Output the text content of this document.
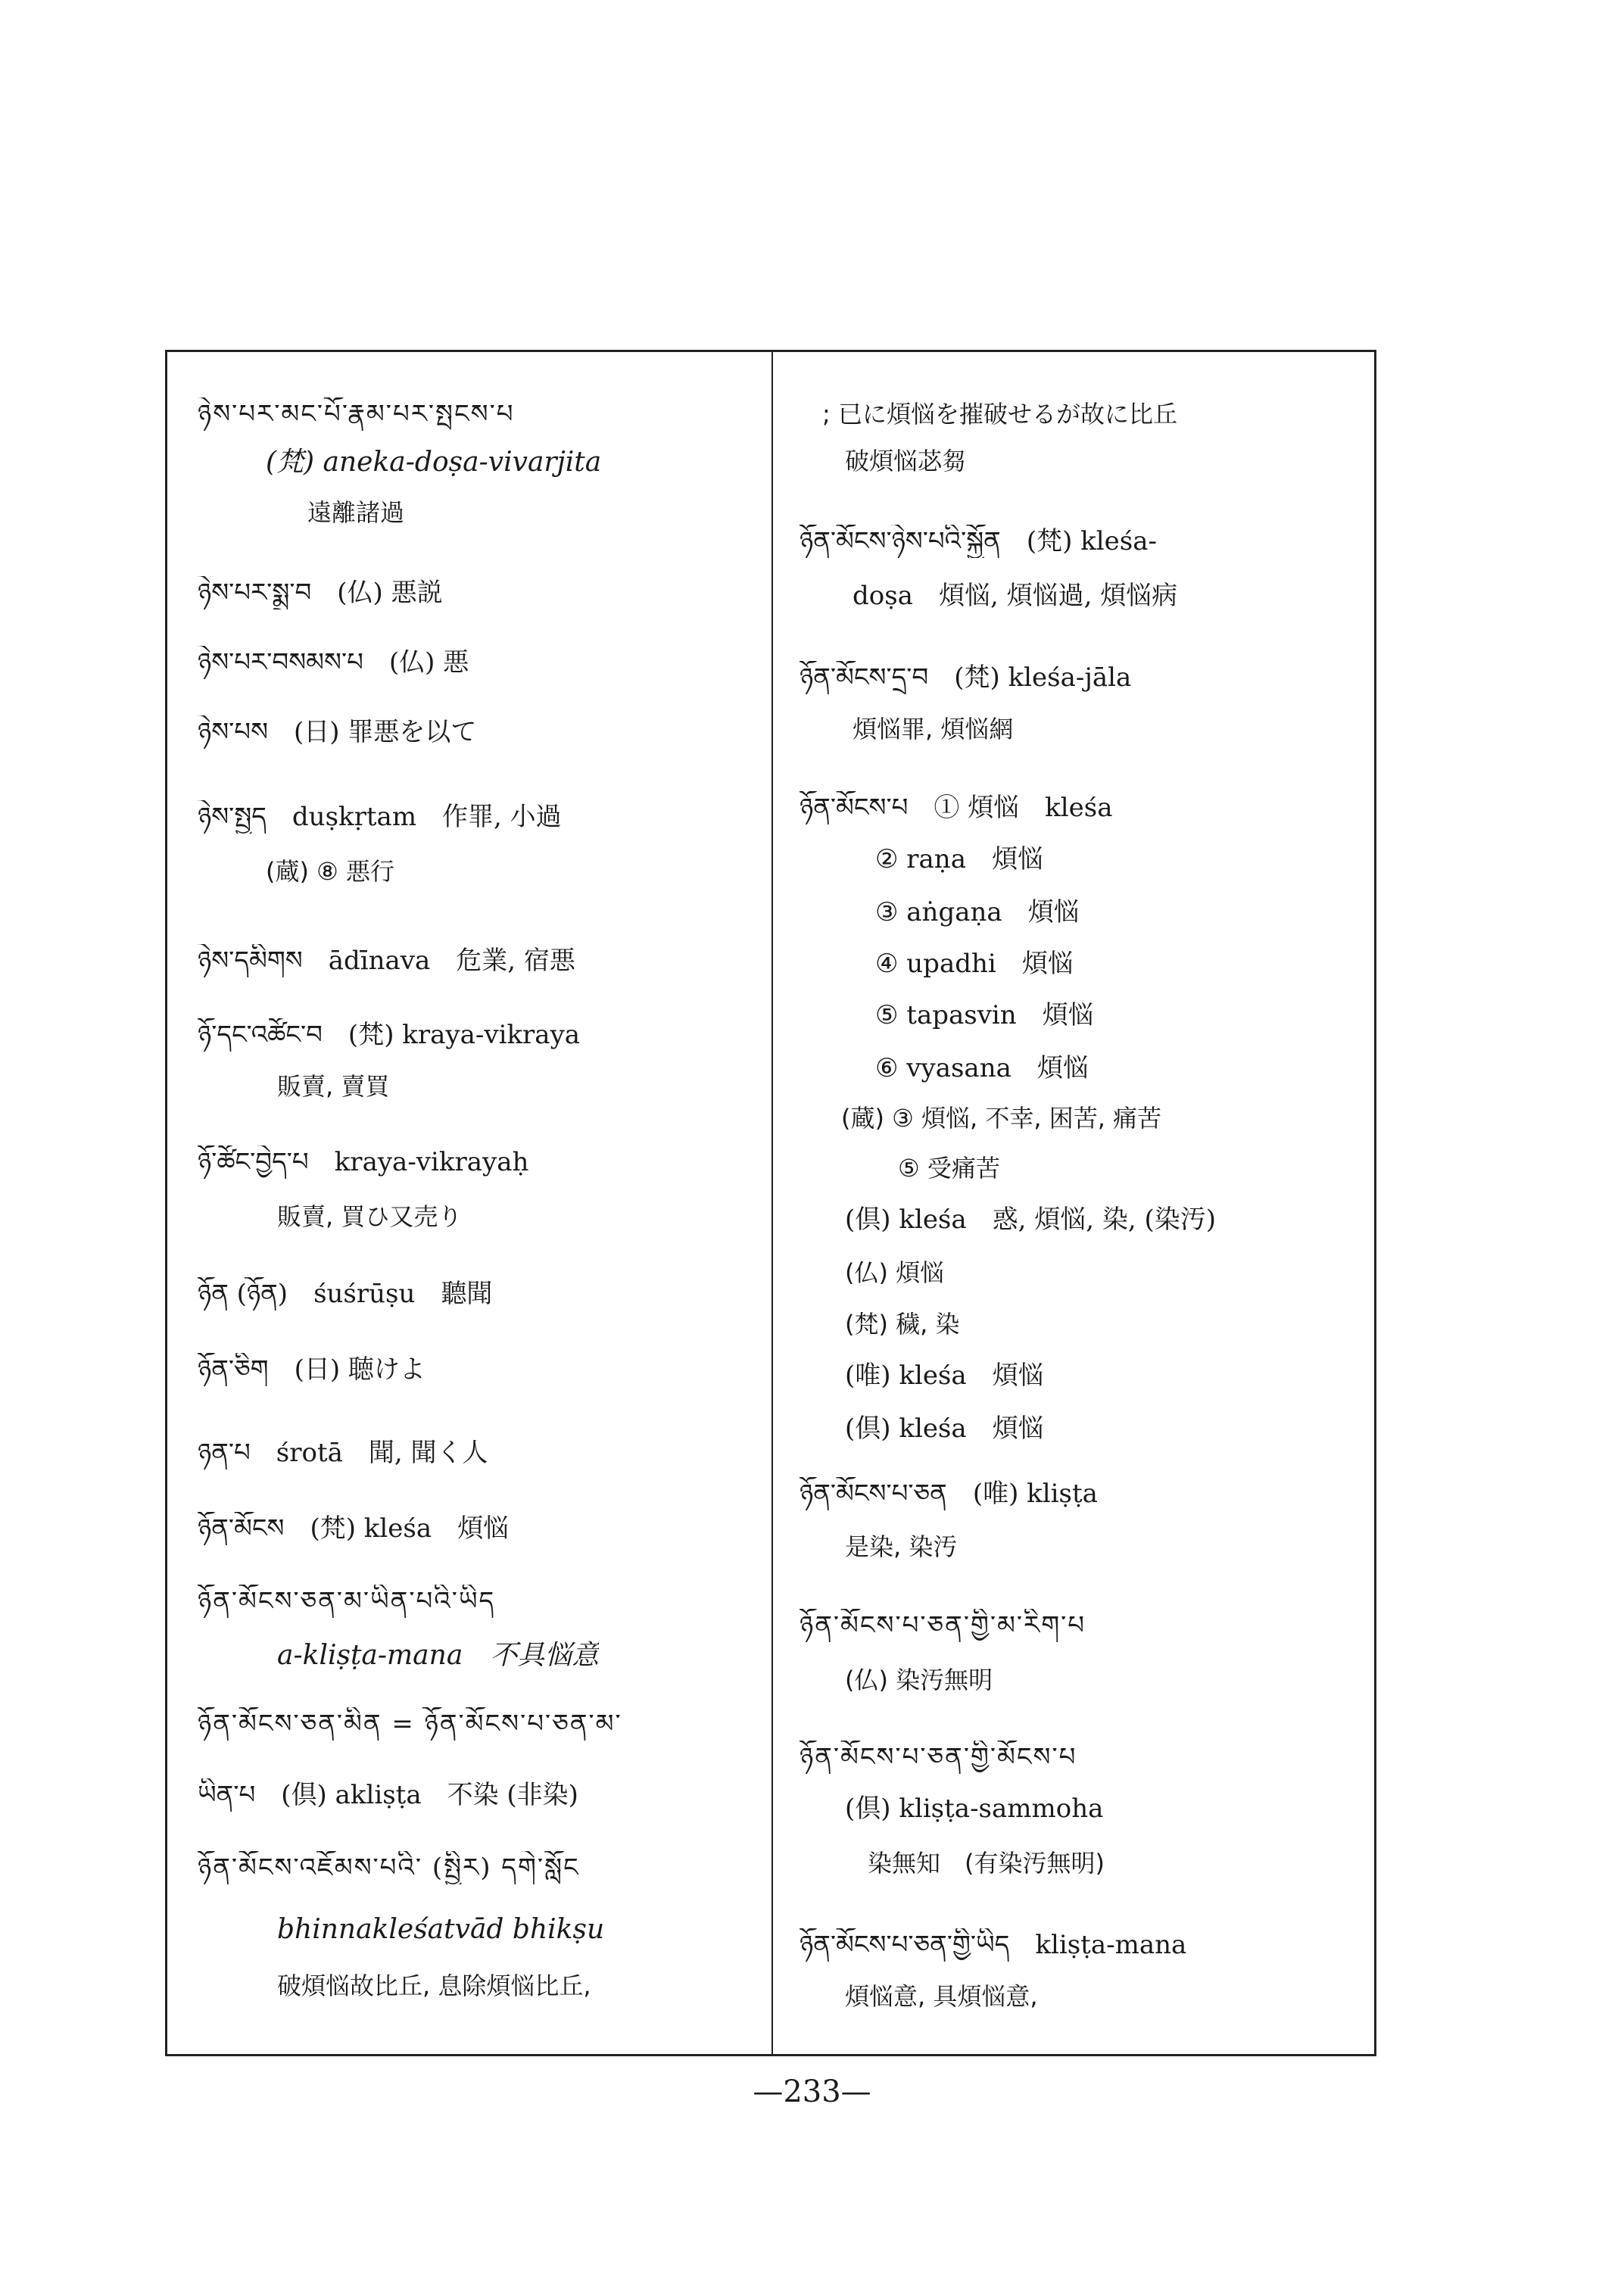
ཉེས་པར་མང་པོ་རྣམ་པར་སྤངས་པ
(梵) aneka-doṣa-vivarjita
遠離諸過
ཉེས་པར་སྨྲ་བ　(仏) 悪説
ཉེས་པར་བསམས་པ　(仏) 悪
ཉེས་པས　(日) 罪悪を以て
ཉེས་སྤྱད　duṣkṛtam　作罪, 小過
(蔵) ⑧ 悪行
ཉེས་དམིགས　ādīnava　危業, 宿悪
ཉོ་དང་འཚོང་བ　(梵) kraya-vikraya
販賣, 賣買
ཉོ་ཚོང་བྱེད་པ　kraya-vikrayaḥ
販賣, 買ひ又売り
ཉོན (ཉོན)　śuśrūṣu　聽聞
ཉོན་ཅིག　(日) 聴けよ
ཉན་པ　śrotā　聞, 聞く人
ཉོན་མོངས　(梵) kleśa　煩悩
ཉོན་མོངས་ཅན་མ་ཡིན་པའི་ཡིད
a-kliṣṭa-mana　不具悩意
ཉོན་མོངས་ཅན་མིན = ཉོན་མོངས་པ་ཅན་མ་
ཡིན་པ　(倶) akliṣṭa　不染 (非染)
ཉོན་མོངས་འཇོམས་པའི་ (སྤྱིར) དགེ་སློང
bhinnakleśatvād bhikṣu
破煩悩故比丘, 息除煩悩比丘,
; 已に煩悩を摧破せるが故に比丘
破煩悩苾芻
ཉོན་མོངས་ཉེས་པའི་སྐྱོན　(梵) kleśa-
doṣa　煩悩, 煩悩過, 煩悩病
ཉོན་མོངས་དྲ་བ　(梵) kleśa-jāla
煩悩罪, 煩悩網
ཉོན་མོངས་པ　① 煩悩　kleśa
② raṇa　煩悩
③ aṅgaṇa　煩悩
④ upadhi　煩悩
⑤ tapasvin　煩悩
⑥ vyasana　煩悩
(蔵) ③ 煩悩, 不幸, 困苦, 痛苦
⑤ 受痛苦
(倶) kleśa　惑, 煩悩, 染, (染汚)
(仏) 煩悩
(梵) 穢, 染
(唯) kleśa　煩悩
(倶) kleśa　煩悩
ཉོན་མོངས་པ་ཅན　(唯) kliṣṭa
是染, 染汚
ཉོན་མོངས་པ་ཅན་གྱི་མ་རིག་པ
(仏) 染汚無明
ཉོན་མོངས་པ་ཅན་གྱི་མོངས་པ
(倶) kliṣṭa-sammoha
染無知　(有染汚無明)
ཉོན་མོངས་པ་ཅན་གྱི་ཡིད　kliṣṭa-mana
煩悩意, 具煩悩意,
—233—
